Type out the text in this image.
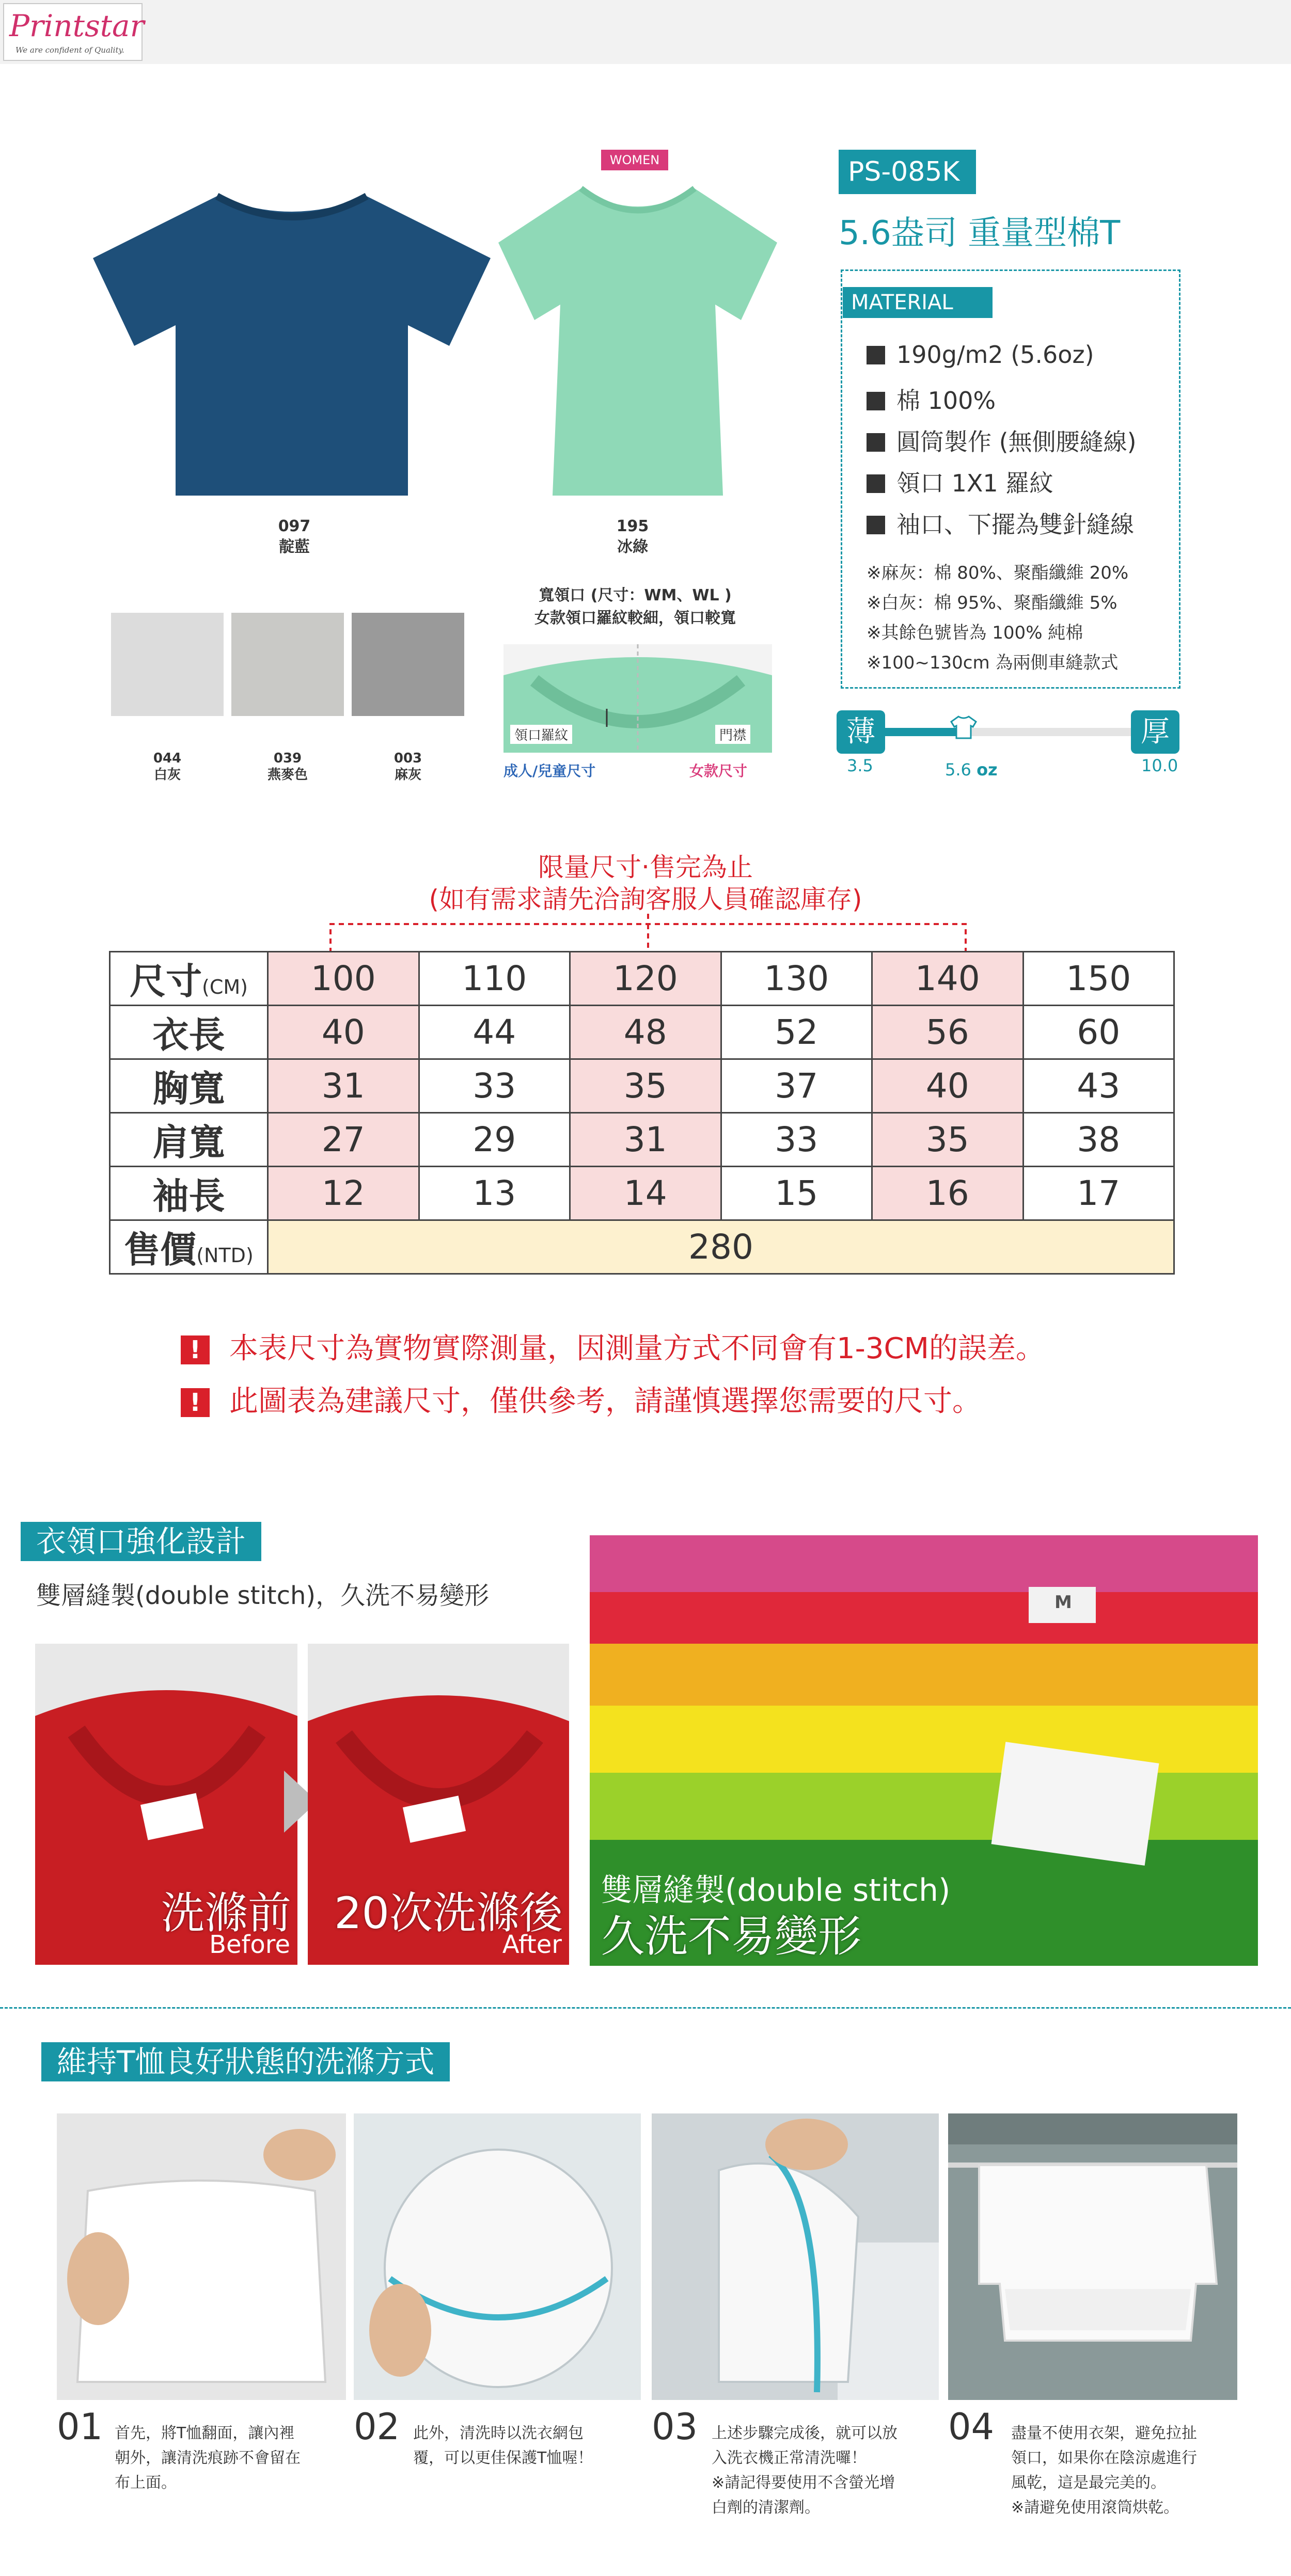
Printstar
We are confident of Quality.
WOMEN
097
靛藍
195
冰綠
044
白灰
039
燕麥色
003
麻灰
寬領口 (尺寸：WM、WL )
女款領口羅紋較細，領口較寬
領口羅紋	門襟
成人/兒童尺寸	女款尺寸
PS-085K
5.6盎司 重量型棉T
MATERIAL
190g/m2 (5.6oz)
棉 100%
圓筒製作 (無側腰縫線)
領口 1X1 羅紋
袖口、下擺為雙針縫線
※麻灰：棉 80%、聚酯纖維 20%
※白灰：棉 95%、聚酯纖維 5%
※其餘色號皆為 100% 純棉
※100~130cm 為兩側車縫款式
薄	厚
3.5	5.6 oz	10.0
限量尺寸‧售完為止
(如有需求請先洽詢客服人員確認庫存)
尺寸(CM)	100	110	120	130	140	150
衣長	40	44	48	52	56	60
胸寬	31	33	35	37	40	43
肩寬	27	29	31	33	35	38
袖長	12	13	14	15	16	17
售價(NTD)	280					
! 本表尺寸為實物實際測量，因測量方式不同會有1-3CM的誤差。
! 此圖表為建議尺寸，僅供參考，請謹慎選擇您需要的尺寸。
衣領口強化設計
雙層縫製(double stitch)，久洗不易變形
洗滌前
Before
20次洗滌後
After
M
雙層縫製(double stitch)
久洗不易變形
維持T恤良好狀態的洗滌方式
01 首先，將T恤翻面，讓內裡
朝外，讓清洗痕跡不會留在
布上面。
02 此外，清洗時以洗衣網包
覆，可以更佳保護T恤喔！
03 上述步驟完成後，就可以放
入洗衣機正常清洗囉！
※請記得要使用不含螢光增
白劑的清潔劑。
04 盡量不使用衣架，避免拉扯
領口，如果你在陰涼處進行
風乾，這是最完美的。
※請避免使用滾筒烘乾。
